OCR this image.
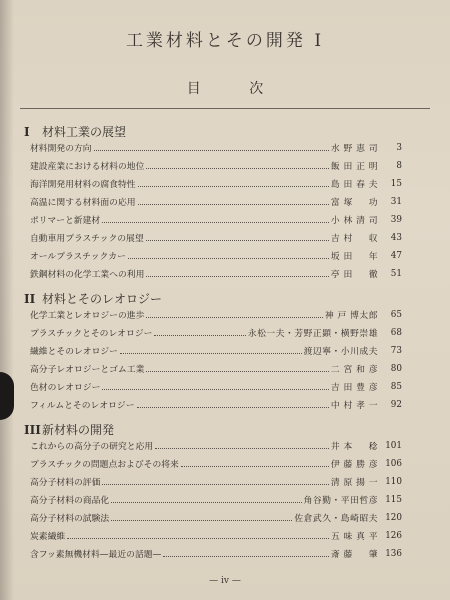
工業材料とその開発 I
目 次
I 材料工業の展望
材料開発の方向	水 野 恵 司	3
建設産業における材料の地位	飯 田 正 明	8
海洋開発用材料の腐食特性	島 田 春 夫	15
高温に関する材料面の応用	富 塚 　 功	31
ポリマーと新建材	小 林 清 司	39
自動車用プラスチックの展望	吉 村 　 収	43
オールプラスチックカー	坂 田 　 年	47
鉄鋼材料の化学工業への利用	亭 田 　 徹	51
II 材料とそのレオロジー
化学工業とレオロジーの進歩	神 戸 博太郎	65
プラスチックとそのレオロジー	永松一夫・芳野正顕・横野崇雄	68
繊維とそのレオロジー	渡辺寧・小川成夫	73
高分子レオロジーとゴム工業	二 宮 和 彦	80
色材のレオロジー	吉 田 豊 彦	85
フィルムとそのレオロジー	中 村 孝 一	92
III新材料の開発
これからの高分子の研究と応用	井 本 　 稔 101
プラスチックの問題点およびその将来	伊 藤 勝 彦 106
高分子材料の評価	清 原 揚 一 110
高分子材料の商品化	角谷勤・平田哲彦 115
高分子材料の試験法	佐倉武久・島崎昭夫 120
炭素繊維	五 味 真 平 126
含フッ素無機材料—最近の話題—	斎 藤 　 肇 136
— iv —
